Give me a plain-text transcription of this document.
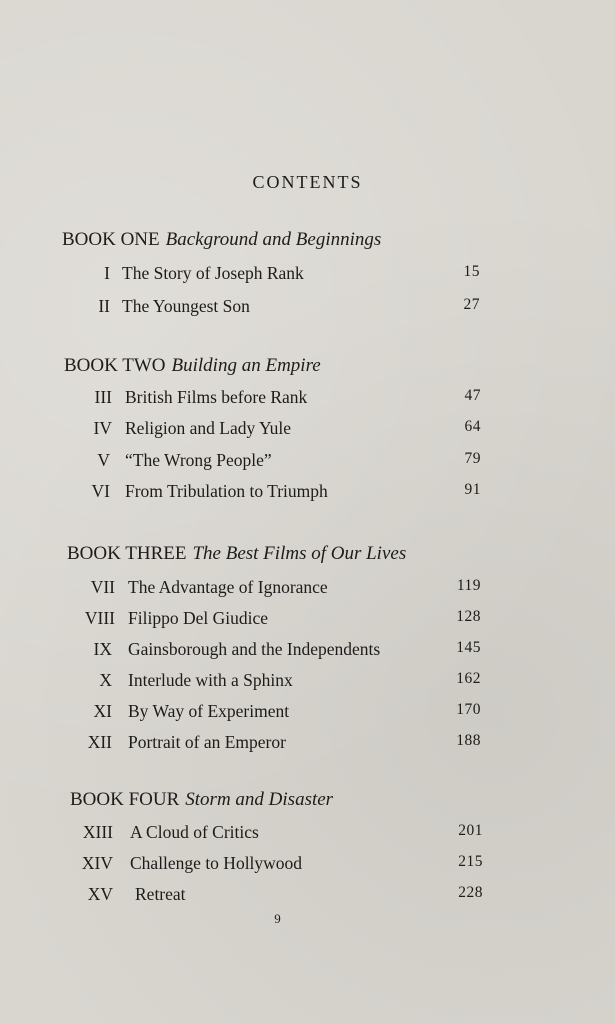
CONTENTS
BOOK ONE Background and Beginnings
I The Story of Joseph Rank	15
II The Youngest Son	27
BOOK TWO Building an Empire
III British Films before Rank	47
IV Religion and Lady Yule	64
V “The Wrong People”	79
VI From Tribulation to Triumph	91
BOOK THREE The Best Films of Our Lives
VII The Advantage of Ignorance	119
VIII Filippo Del Giudice	128
IX Gainsborough and the Independents	145
X Interlude with a Sphinx	162
XI By Way of Experiment	170
XII Portrait of an Emperor	188
BOOK FOUR Storm and Disaster
XIII A Cloud of Critics	201
XIV Challenge to Hollywood	215
XV Retreat	228
9
